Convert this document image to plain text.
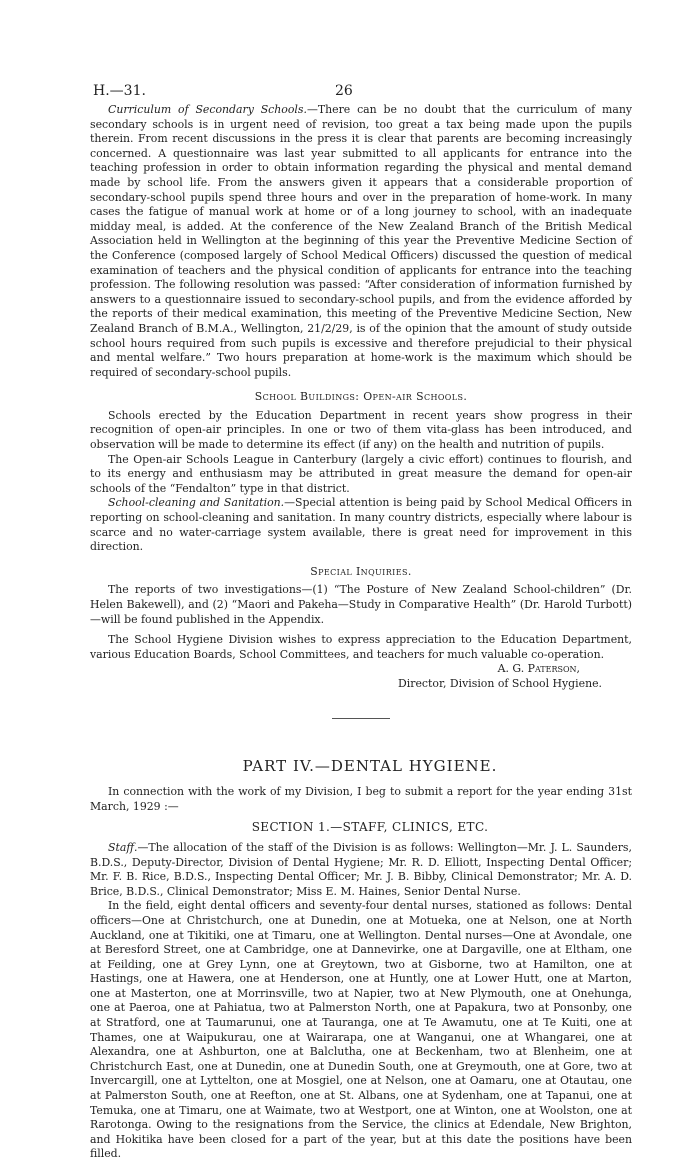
H.—31.	26

Curriculum of Secondary Schools.—There can be no doubt that the curriculum of many secondary schools is in urgent need of revision, too great a tax being made upon the pupils therein. From recent discussions in the press it is clear that parents are becoming increasingly concerned. A questionnaire was last year submitted to all applicants for entrance into the teaching profession in order to obtain information regarding the physical and mental demand made by school life. From the answers given it appears that a considerable proportion of secondary-school pupils spend three hours and over in the preparation of home-work. In many cases the fatigue of manual work at home or of a long journey to school, with an inadequate midday meal, is added. At the conference of the New Zealand Branch of the British Medical Association held in Wellington at the beginning of this year the Preventive Medicine Section of the Conference (composed largely of School Medical Officers) discussed the question of medical examination of teachers and the physical condition of applicants for entrance into the teaching profession. The following resolution was passed: “After consideration of information furnished by answers to a questionnaire issued to secondary-school pupils, and from the evidence afforded by the reports of their medical examination, this meeting of the Preventive Medicine Section, New Zealand Branch of B.M.A., Wellington, 21/2/29, is of the opinion that the amount of study outside school hours required from such pupils is excessive and therefore prejudicial to their physical and mental welfare.” Two hours preparation at home-work is the maximum which should be required of secondary-school pupils.

School Buildings: Open-air Schools.

Schools erected by the Education Department in recent years show progress in their recognition of open-air principles. In one or two of them vita-glass has been introduced, and observation will be made to determine its effect (if any) on the health and nutrition of pupils.

The Open-air Schools League in Canterbury (largely a civic effort) continues to flourish, and to its energy and enthusiasm may be attributed in great measure the demand for open-air schools of the “Fendalton” type in that district.

School-cleaning and Sanitation.—Special attention is being paid by School Medical Officers in reporting on school-cleaning and sanitation. In many country districts, especially where labour is scarce and no water-carriage system available, there is great need for improvement in this direction.

Special Inquiries.

The reports of two investigations—(1) “The Posture of New Zealand School-children” (Dr. Helen Bakewell), and (2) “Maori and Pakeha—Study in Comparative Health” (Dr. Harold Turbott) —will be found published in the Appendix.

The School Hygiene Division wishes to express appreciation to the Education Department, various Education Boards, School Committees, and teachers for much valuable co-operation.

A. G. Paterson,

Director, Division of School Hygiene.

PART IV.—DENTAL HYGIENE.

In connection with the work of my Division, I beg to submit a report for the year ending 31st March, 1929 :—

SECTION 1.—STAFF, CLINICS, ETC.

Staff.—The allocation of the staff of the Division is as follows: Wellington—Mr. J. L. Saunders, B.D.S., Deputy-Director, Division of Dental Hygiene; Mr. R. D. Elliott, Inspecting Dental Officer; Mr. F. B. Rice, B.D.S., Inspecting Dental Officer; Mr. J. B. Bibby, Clinical Demonstrator; Mr. A. D. Brice, B.D.S., Clinical Demonstrator; Miss E. M. Haines, Senior Dental Nurse.

In the field, eight dental officers and seventy-four dental nurses, stationed as follows: Dental officers—One at Christchurch, one at Dunedin, one at Motueka, one at Nelson, one at North Auckland, one at Tikitiki, one at Timaru, one at Wellington. Dental nurses—One at Avondale, one at Beresford Street, one at Cambridge, one at Dannevirke, one at Dargaville, one at Eltham, one at Feilding, one at Grey Lynn, one at Greytown, two at Gisborne, two at Hamilton, one at Hastings, one at Hawera, one at Henderson, one at Huntly, one at Lower Hutt, one at Marton, one at Masterton, one at Morrinsville, two at Napier, two at New Plymouth, one at Onehunga, one at Paeroa, one at Pahiatua, two at Palmerston North, one at Papakura, two at Ponsonby, one at Stratford, one at Taumarunui, one at Tauranga, one at Te Awamutu, one at Te Kuiti, one at Thames, one at Waipukurau, one at Wairarapa, one at Wanganui, one at Whangarei, one at Alexandra, one at Ashburton, one at Balclutha, one at Beckenham, two at Blenheim, one at Christchurch East, one at Dunedin, one at Dunedin South, one at Greymouth, one at Gore, two at Invercargill, one at Lyttelton, one at Mosgiel, one at Nelson, one at Oamaru, one at Otautau, one at Palmerston South, one at Reefton, one at St. Albans, one at Sydenham, one at Tapanui, one at Temuka, one at Timaru, one at Waimate, two at Westport, one at Winton, one at Woolston, one at Rarotonga. Owing to the resignations from the Service, the clinics at Edendale, New Brighton, and Hokitika have been closed for a part of the year, but at this date the positions have been filled.
